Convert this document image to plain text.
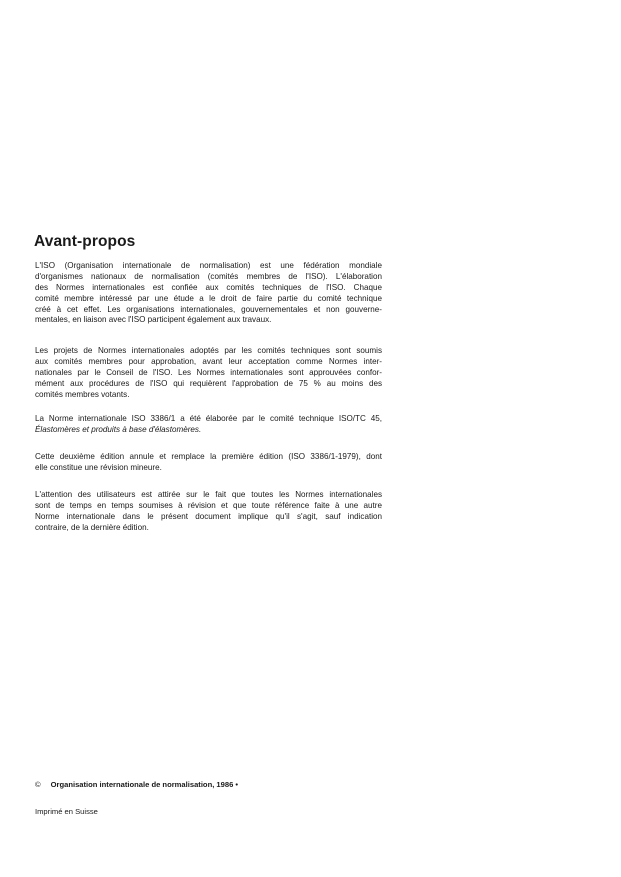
Avant-propos
L'ISO (Organisation internationale de normalisation) est une fédération mondiale
d'organismes nationaux de normalisation (comités membres de l'ISO). L'élaboration
des Normes internationales est confiée aux comités techniques de l'ISO. Chaque
comité membre intéressé par une étude a le droit de faire partie du comité technique
créé à cet effet. Les organisations internationales, gouvernementales et non gouverne-
mentales, en liaison avec l'ISO participent également aux travaux.
Les projets de Normes internationales adoptés par les comités techniques sont soumis
aux comités membres pour approbation, avant leur acceptation comme Normes inter-
nationales par le Conseil de l'ISO. Les Normes internationales sont approuvées confor-
mément aux procédures de l'ISO qui requièrent l'approbation de 75 % au moins des
comités membres votants.
La Norme internationale ISO 3386/1 a été élaborée par le comité technique ISO/TC 45,
Élastomères et produits à base d'élastomères.
Cette deuxième édition annule et remplace la première édition (ISO 3386/1-1979), dont
elle constitue une révision mineure.
L'attention des utilisateurs est attirée sur le fait que toutes les Normes internationales
sont de temps en temps soumises à révision et que toute référence faite à une autre
Norme internationale dans le présent document implique qu'il s'agit, sauf indication
contraire, de la dernière édition.
© Organisation internationale de normalisation, 1986 •
Imprimé en Suisse
